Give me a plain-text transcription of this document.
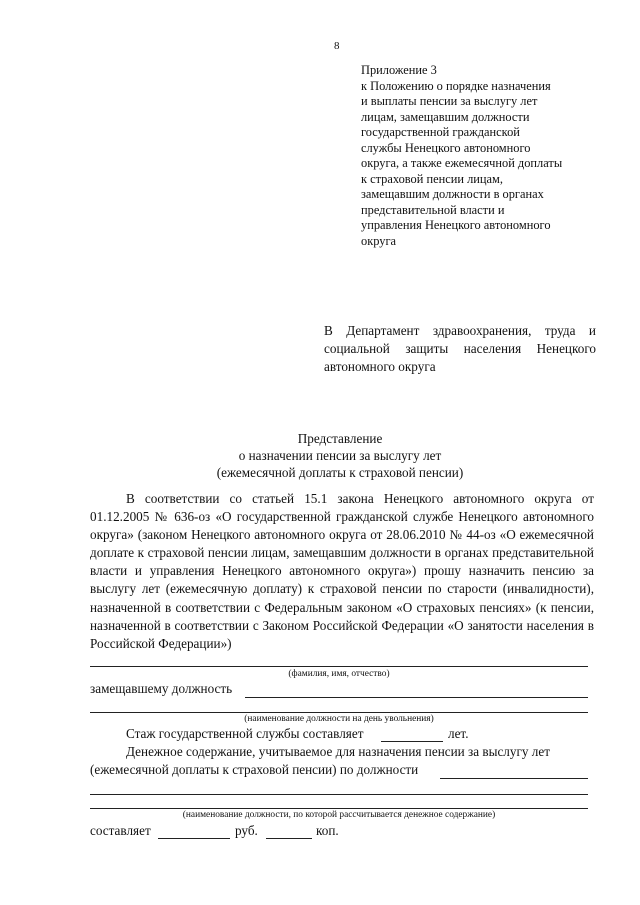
8
Приложение 3
к Положению о порядке назначения
и выплаты пенсии за выслугу лет
лицам, замещавшим должности
государственной гражданской
службы Ненецкого автономного
округа, а также ежемесячной доплаты
к страховой пенсии лицам,
замещавшим должности в органах
представительной власти и
управления Ненецкого автономного
округа
В Департамент здравоохранения, труда и социальной защиты населения Ненецкого автономного округа
Представление
о назначении пенсии за выслугу лет
(ежемесячной доплаты к страховой пенсии)

В соответствии со статьей 15.1 закона Ненецкого автономного округа от 01.12.2005 № 636-оз «О государственной гражданской службе Ненецкого автономного округа» (законом Ненецкого автономного округа от 28.06.2010 № 44-оз «О ежемесячной доплате к страховой пенсии лицам, замещавшим должности в органах представительной власти и управления Ненецкого автономного округа») прошу назначить пенсию за выслугу лет (ежемесячную доплату) к страховой пенсии по старости (инвалидности), назначенной в соответствии с Федеральным законом «О страховых пенсиях» (к пенсии, назначенной в соответствии с Законом Российской Федерации «О занятости населения в Российской Федерации»)

(фамилия, имя, отчество)
замещавшему должность
(наименование должности на день увольнения)
Стаж государственной службы составляет	лет.
Денежное содержание, учитываемое для назначения пенсии за выслугу лет
(ежемесячной доплаты к страховой пенсии) по должности
(наименование должности, по которой рассчитывается денежное содержание)
составляет	руб.	коп.
